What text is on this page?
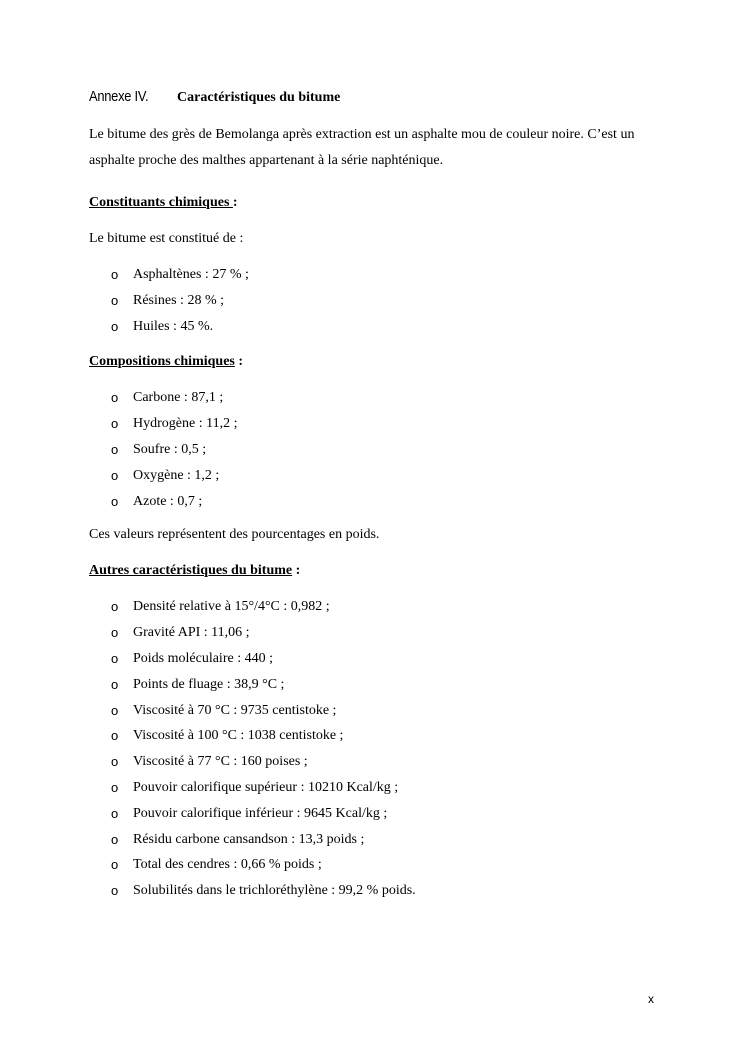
Annexe IV. Caractéristiques du bitume
Le bitume des grès de Bemolanga après extraction est un asphalte mou de couleur noire. C’est un asphalte proche des malthes appartenant à la série naphténique.
Constituants chimiques :
Le bitume est constitué de :
o Asphaltènes : 27 % ;
o Résines : 28 % ;
o Huiles : 45 %.
Compositions chimiques :
o Carbone : 87,1 ;
o Hydrogène : 11,2 ;
o Soufre : 0,5 ;
o Oxygène : 1,2 ;
o Azote : 0,7 ;
Ces valeurs représentent des pourcentages en poids.
Autres caractéristiques du bitume :
o Densité relative à 15°/4°C : 0,982 ;
o Gravité API : 11,06 ;
o Poids moléculaire : 440 ;
o Points de fluage : 38,9 °C ;
o Viscosité à 70 °C : 9735 centistoke ;
o Viscosité à 100 °C : 1038 centistoke ;
o Viscosité à 77 °C : 160 poises ;
o Pouvoir calorifique supérieur : 10210 Kcal/kg ;
o Pouvoir calorifique inférieur : 9645 Kcal/kg ;
o Résidu carbone cansandson : 13,3 poids ;
o Total des cendres : 0,66 % poids ;
o Solubilités dans le trichloréthylène : 99,2 % poids.
x
